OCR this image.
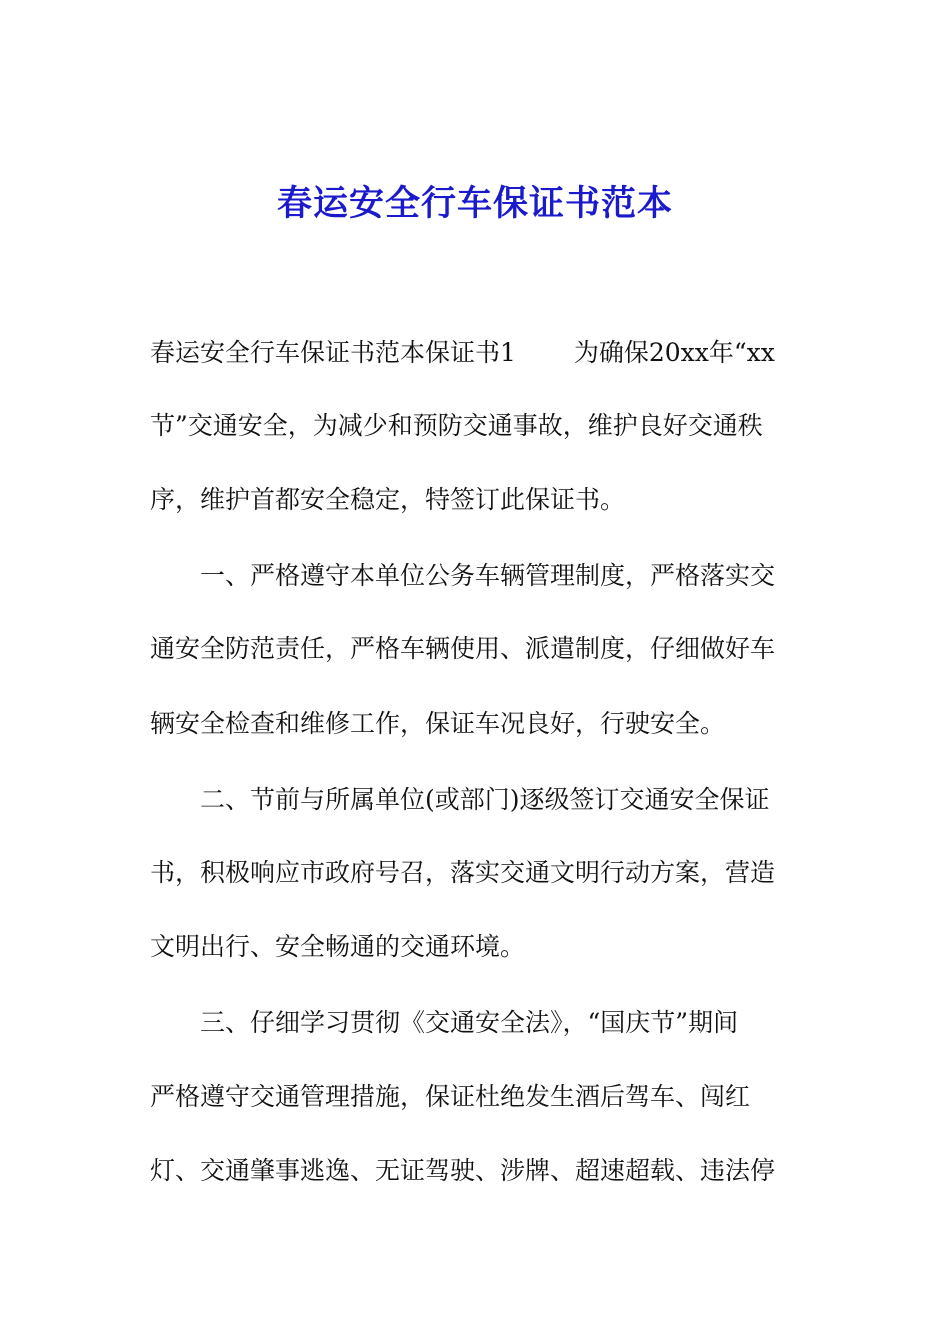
春运安全行车保证书范本
春运安全行车保证书范本保证书1　　 为确保20xx年“xx
节”交通安全，为减少和预防交通事故，维护良好交通秩
序，维护首都安全稳定，特签订此保证书。
　　一、严格遵守本单位公务车辆管理制度，严格落实交
通安全防范责任，严格车辆使用、派遣制度，仔细做好车
辆安全检查和维修工作，保证车况良好，行驶安全。
　　二、节前与所属单位(或部门)逐级签订交通安全保证
书，积极响应市政府号召，落实交通文明行动方案，营造
文明出行、安全畅通的交通环境。
　　三、仔细学习贯彻《交通安全法》，“国庆节”期间
严格遵守交通管理措施，保证杜绝发生酒后驾车、闯红
灯、交通肇事逃逸、无证驾驶、涉牌、超速超载、违法停
